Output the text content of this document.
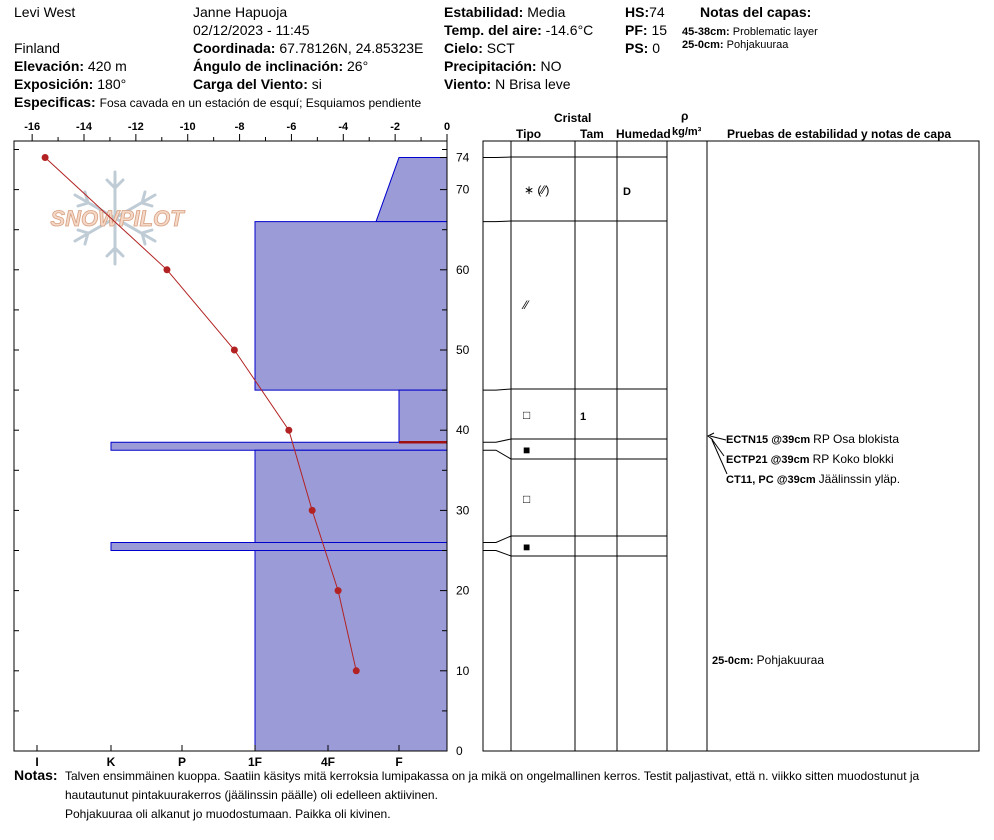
Levi West	Janne Hapuoja
02/12/2023 - 11:45
Finland
Elevación: 420 m
Exposición: 180°
Coordinada: 67.78126N, 24.85323E
Ángulo de inclinación: 26°
Carga del Viento: si
Estabilidad: Media
Temp. del aire: -14.6°C
Cielo: SCT
Precipitación: NO
Viento: N Brisa leve
HS:74
PF: 15
PS: 0
Notas del capas:
45-38cm: Problematic layer
25-0cm: Pohjakuuraa
Especificas: Fosa cavada en un estación de esquí; Esquiamos pendiente
SNOWPILOT
-16	-14	-12	-10	-8	-6	-4	-2	0
74
70
60
50
40
30
20
10
0
I	K	P	1F	4F	F
Cristal
Tipo	Tam Humedad
ρ
kg/m³ Pruebas de estabilidad y notas de capa
∗ (⁄⁄)	D
⁄⁄
□	1
■
□
■
ECTN15 @39cm RP Osa blokista
ECTP21 @39cm RP Koko blokki
CT11, PC @39cm Jäälinssin yläp.
25-0cm: Pohjakuuraa
Notas: Talven ensimmäinen kuoppa. Saatiin käsitys mitä kerroksia lumipakassa on ja mikä on ongelmallinen kerros. Testit paljastivat, että n. viikko sitten muodostunut ja
hautautunut pintakuurakerros (jäälinssin päälle) oli edelleen aktiivinen.
Pohjakuuraa oli alkanut jo muodostumaan. Paikka oli kivinen.
